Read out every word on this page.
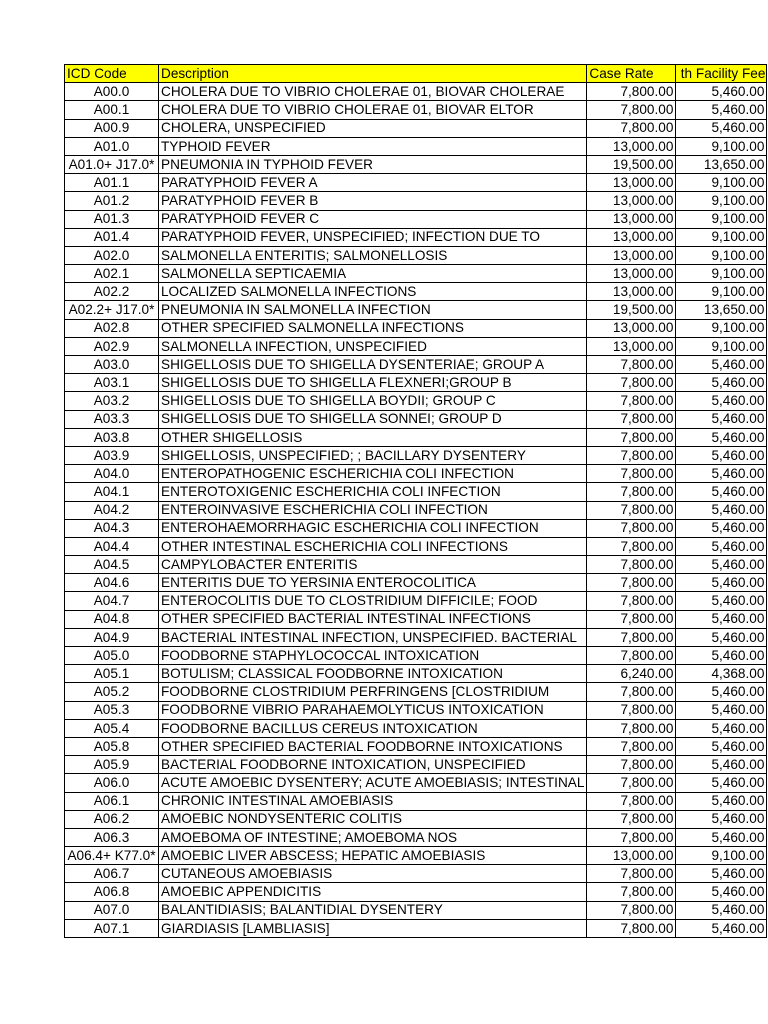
ICD Code	Description	Case Rate	th Facility Fee
A00.0	CHOLERA DUE TO VIBRIO CHOLERAE 01, BIOVAR CHOLERAE	7,800.00	5,460.00
A00.1	CHOLERA DUE TO VIBRIO CHOLERAE 01, BIOVAR ELTOR	7,800.00	5,460.00
A00.9	CHOLERA, UNSPECIFIED	7,800.00	5,460.00
A01.0	TYPHOID FEVER	13,000.00	9,100.00
A01.0+ J17.0*	PNEUMONIA IN TYPHOID FEVER	19,500.00	13,650.00
A01.1	PARATYPHOID FEVER A	13,000.00	9,100.00
A01.2	PARATYPHOID FEVER B	13,000.00	9,100.00
A01.3	PARATYPHOID FEVER C	13,000.00	9,100.00
A01.4	PARATYPHOID FEVER, UNSPECIFIED; INFECTION DUE TO	13,000.00	9,100.00
A02.0	SALMONELLA ENTERITIS; SALMONELLOSIS	13,000.00	9,100.00
A02.1	SALMONELLA SEPTICAEMIA	13,000.00	9,100.00
A02.2	LOCALIZED SALMONELLA INFECTIONS	13,000.00	9,100.00
A02.2+ J17.0*	PNEUMONIA IN SALMONELLA INFECTION	19,500.00	13,650.00
A02.8	OTHER SPECIFIED SALMONELLA INFECTIONS	13,000.00	9,100.00
A02.9	SALMONELLA INFECTION, UNSPECIFIED	13,000.00	9,100.00
A03.0	SHIGELLOSIS DUE TO SHIGELLA DYSENTERIAE; GROUP A	7,800.00	5,460.00
A03.1	SHIGELLOSIS DUE TO SHIGELLA FLEXNERI;GROUP B	7,800.00	5,460.00
A03.2	SHIGELLOSIS DUE TO SHIGELLA BOYDII; GROUP C	7,800.00	5,460.00
A03.3	SHIGELLOSIS DUE TO SHIGELLA SONNEI; GROUP D	7,800.00	5,460.00
A03.8	OTHER SHIGELLOSIS	7,800.00	5,460.00
A03.9	SHIGELLOSIS, UNSPECIFIED; ; BACILLARY DYSENTERY	7,800.00	5,460.00
A04.0	ENTEROPATHOGENIC ESCHERICHIA COLI INFECTION	7,800.00	5,460.00
A04.1	ENTEROTOXIGENIC ESCHERICHIA COLI INFECTION	7,800.00	5,460.00
A04.2	ENTEROINVASIVE ESCHERICHIA COLI INFECTION	7,800.00	5,460.00
A04.3	ENTEROHAEMORRHAGIC ESCHERICHIA COLI INFECTION	7,800.00	5,460.00
A04.4	OTHER INTESTINAL ESCHERICHIA COLI INFECTIONS	7,800.00	5,460.00
A04.5	CAMPYLOBACTER ENTERITIS	7,800.00	5,460.00
A04.6	ENTERITIS DUE TO YERSINIA ENTEROCOLITICA	7,800.00	5,460.00
A04.7	ENTEROCOLITIS DUE TO CLOSTRIDIUM DIFFICILE; FOOD	7,800.00	5,460.00
A04.8	OTHER SPECIFIED BACTERIAL INTESTINAL INFECTIONS	7,800.00	5,460.00
A04.9	BACTERIAL INTESTINAL INFECTION, UNSPECIFIED. BACTERIAL	7,800.00	5,460.00
A05.0	FOODBORNE STAPHYLOCOCCAL INTOXICATION	7,800.00	5,460.00
A05.1	BOTULISM; CLASSICAL FOODBORNE INTOXICATION	6,240.00	4,368.00
A05.2	FOODBORNE CLOSTRIDIUM PERFRINGENS [CLOSTRIDIUM	7,800.00	5,460.00
A05.3	FOODBORNE VIBRIO PARAHAEMOLYTICUS INTOXICATION	7,800.00	5,460.00
A05.4	FOODBORNE BACILLUS CEREUS INTOXICATION	7,800.00	5,460.00
A05.8	OTHER SPECIFIED BACTERIAL FOODBORNE INTOXICATIONS	7,800.00	5,460.00
A05.9	BACTERIAL FOODBORNE INTOXICATION, UNSPECIFIED	7,800.00	5,460.00
A06.0	ACUTE AMOEBIC DYSENTERY; ACUTE AMOEBIASIS; INTESTINAL	7,800.00	5,460.00
A06.1	CHRONIC INTESTINAL AMOEBIASIS	7,800.00	5,460.00
A06.2	AMOEBIC NONDYSENTERIC COLITIS	7,800.00	5,460.00
A06.3	AMOEBOMA OF INTESTINE; AMOEBOMA NOS	7,800.00	5,460.00
A06.4+ K77.0*	AMOEBIC LIVER ABSCESS; HEPATIC AMOEBIASIS	13,000.00	9,100.00
A06.7	CUTANEOUS AMOEBIASIS	7,800.00	5,460.00
A06.8	AMOEBIC APPENDICITIS	7,800.00	5,460.00
A07.0	BALANTIDIASIS; BALANTIDIAL DYSENTERY	7,800.00	5,460.00
A07.1	GIARDIASIS [LAMBLIASIS]	7,800.00	5,460.00
